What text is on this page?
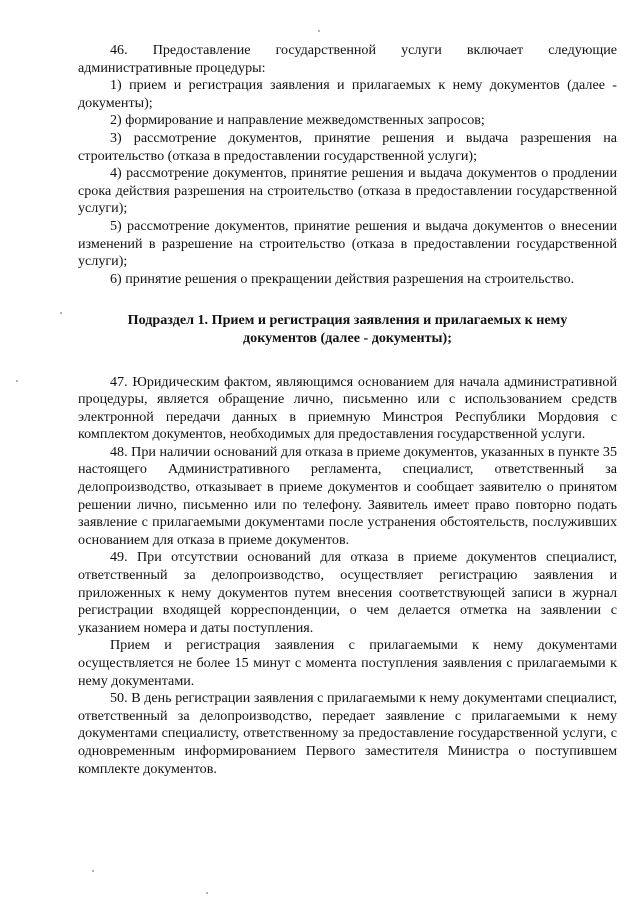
46. Предоставление государственной услуги включает следующие административные процедуры:

1) прием и регистрация заявления и прилагаемых к нему документов (далее - документы);

2) формирование и направление межведомственных запросов;

3) рассмотрение документов, принятие решения и выдача разрешения на строительство (отказа в предоставлении государственной услуги);

4) рассмотрение документов, принятие решения и выдача документов о продлении срока действия разрешения на строительство (отказа в предоставлении государственной услуги);

5) рассмотрение документов, принятие решения и выдача документов о внесении изменений в разрешение на строительство (отказа в предоставлении государственной услуги);

6) принятие решения о прекращении действия разрешения на строительство.

Подраздел 1. Прием и регистрация заявления и прилагаемых к нему документов (далее - документы);

47. Юридическим фактом, являющимся основанием для начала административной процедуры, является обращение лично, письменно или с использованием средств электронной передачи данных в приемную Минстроя Республики Мордовия с комплектом документов, необходимых для предоставления государственной услуги.

48. При наличии оснований для отказа в приеме документов, указанных в пункте 35 настоящего Административного регламента, специалист, ответственный за делопроизводство, отказывает в приеме документов и сообщает заявителю о принятом решении лично, письменно или по телефону. Заявитель имеет право повторно подать заявление с прилагаемыми документами после устранения обстоятельств, послуживших основанием для отказа в приеме документов.

49. При отсутствии оснований для отказа в приеме документов специалист, ответственный за делопроизводство, осуществляет регистрацию заявления и приложенных к нему документов путем внесения соответствующей записи в журнал регистрации входящей корреспонденции, о чем делается отметка на заявлении с указанием номера и даты поступления.

Прием и регистрация заявления с прилагаемыми к нему документами осуществляется не более 15 минут с момента поступления заявления с прилагаемыми к нему документами.

50. В день регистрации заявления с прилагаемыми к нему документами специалист, ответственный за делопроизводство, передает заявление с прилагаемыми к нему документами специалисту, ответственному за предоставление государственной услуги, с одновременным информированием Первого заместителя Министра о поступившем комплекте документов.
